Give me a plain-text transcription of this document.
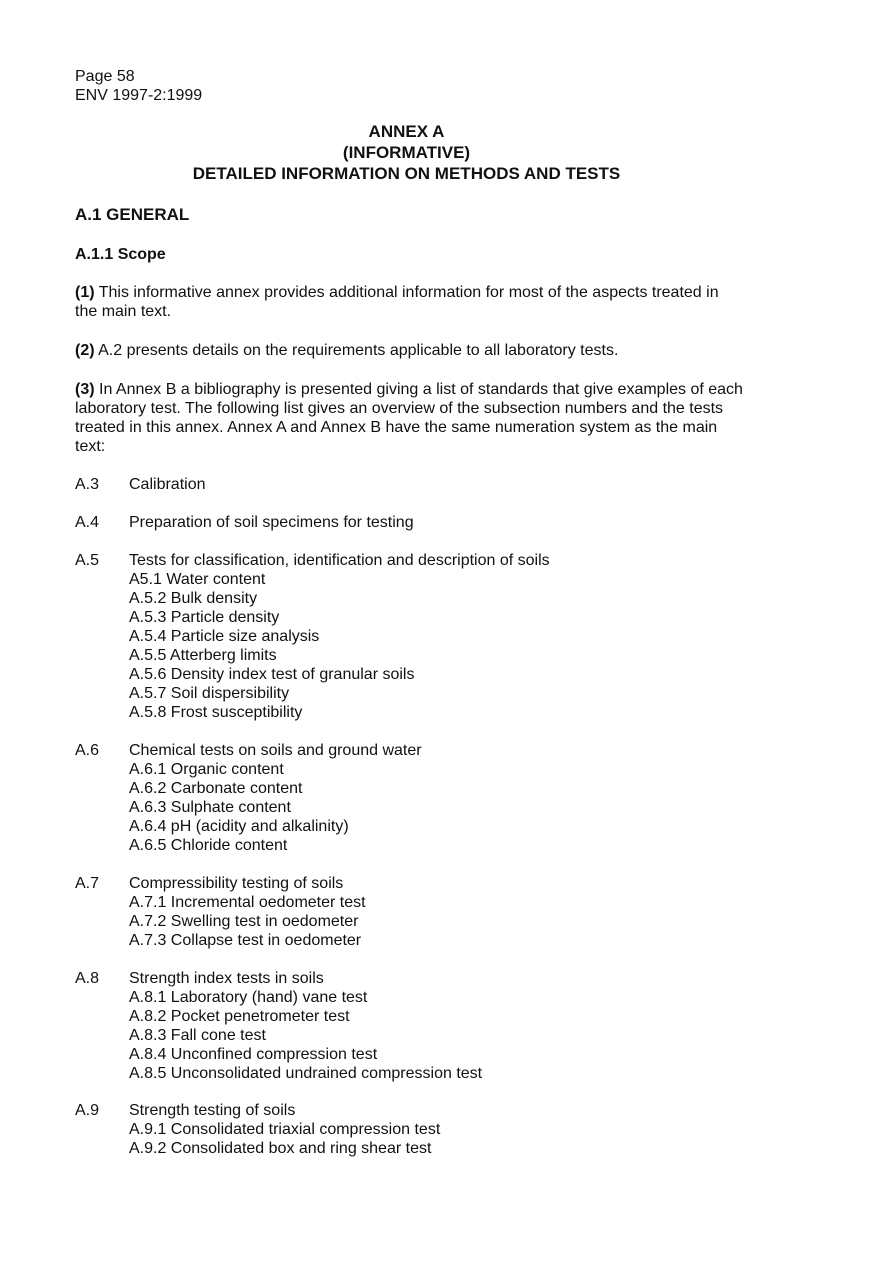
Page 58
ENV 1997-2:1999
ANNEX A
(INFORMATIVE)
DETAILED INFORMATION ON METHODS AND TESTS
A.1 GENERAL
A.1.1 Scope
(1) This informative annex provides additional information for most of the aspects treated in the main text.
(2) A.2 presents details on the requirements applicable to all laboratory tests.
(3) In Annex B a bibliography is presented giving a list of standards that give examples of each laboratory test. The following list gives an overview of the subsection numbers and the tests treated in this annex. Annex A and Annex B have the same numeration system as the main text:
A.3	Calibration
A.4	Preparation of soil specimens for testing
A.5	Tests for classification, identification and description of soils
A5.1 Water content
A.5.2 Bulk density
A.5.3 Particle density
A.5.4 Particle size analysis
A.5.5 Atterberg limits
A.5.6 Density index test of granular soils
A.5.7 Soil dispersibility
A.5.8 Frost susceptibility
A.6	Chemical tests on soils and ground water
A.6.1 Organic content
A.6.2 Carbonate content
A.6.3 Sulphate content
A.6.4 pH (acidity and alkalinity)
A.6.5 Chloride content
A.7	Compressibility testing of soils
A.7.1 Incremental oedometer test
A.7.2 Swelling test in oedometer
A.7.3 Collapse test in oedometer
A.8	Strength index tests in soils
A.8.1 Laboratory (hand) vane test
A.8.2 Pocket penetrometer test
A.8.3 Fall cone test
A.8.4 Unconfined compression test
A.8.5 Unconsolidated undrained compression test
A.9	Strength testing of soils
A.9.1 Consolidated triaxial compression test
A.9.2 Consolidated box and ring shear test
